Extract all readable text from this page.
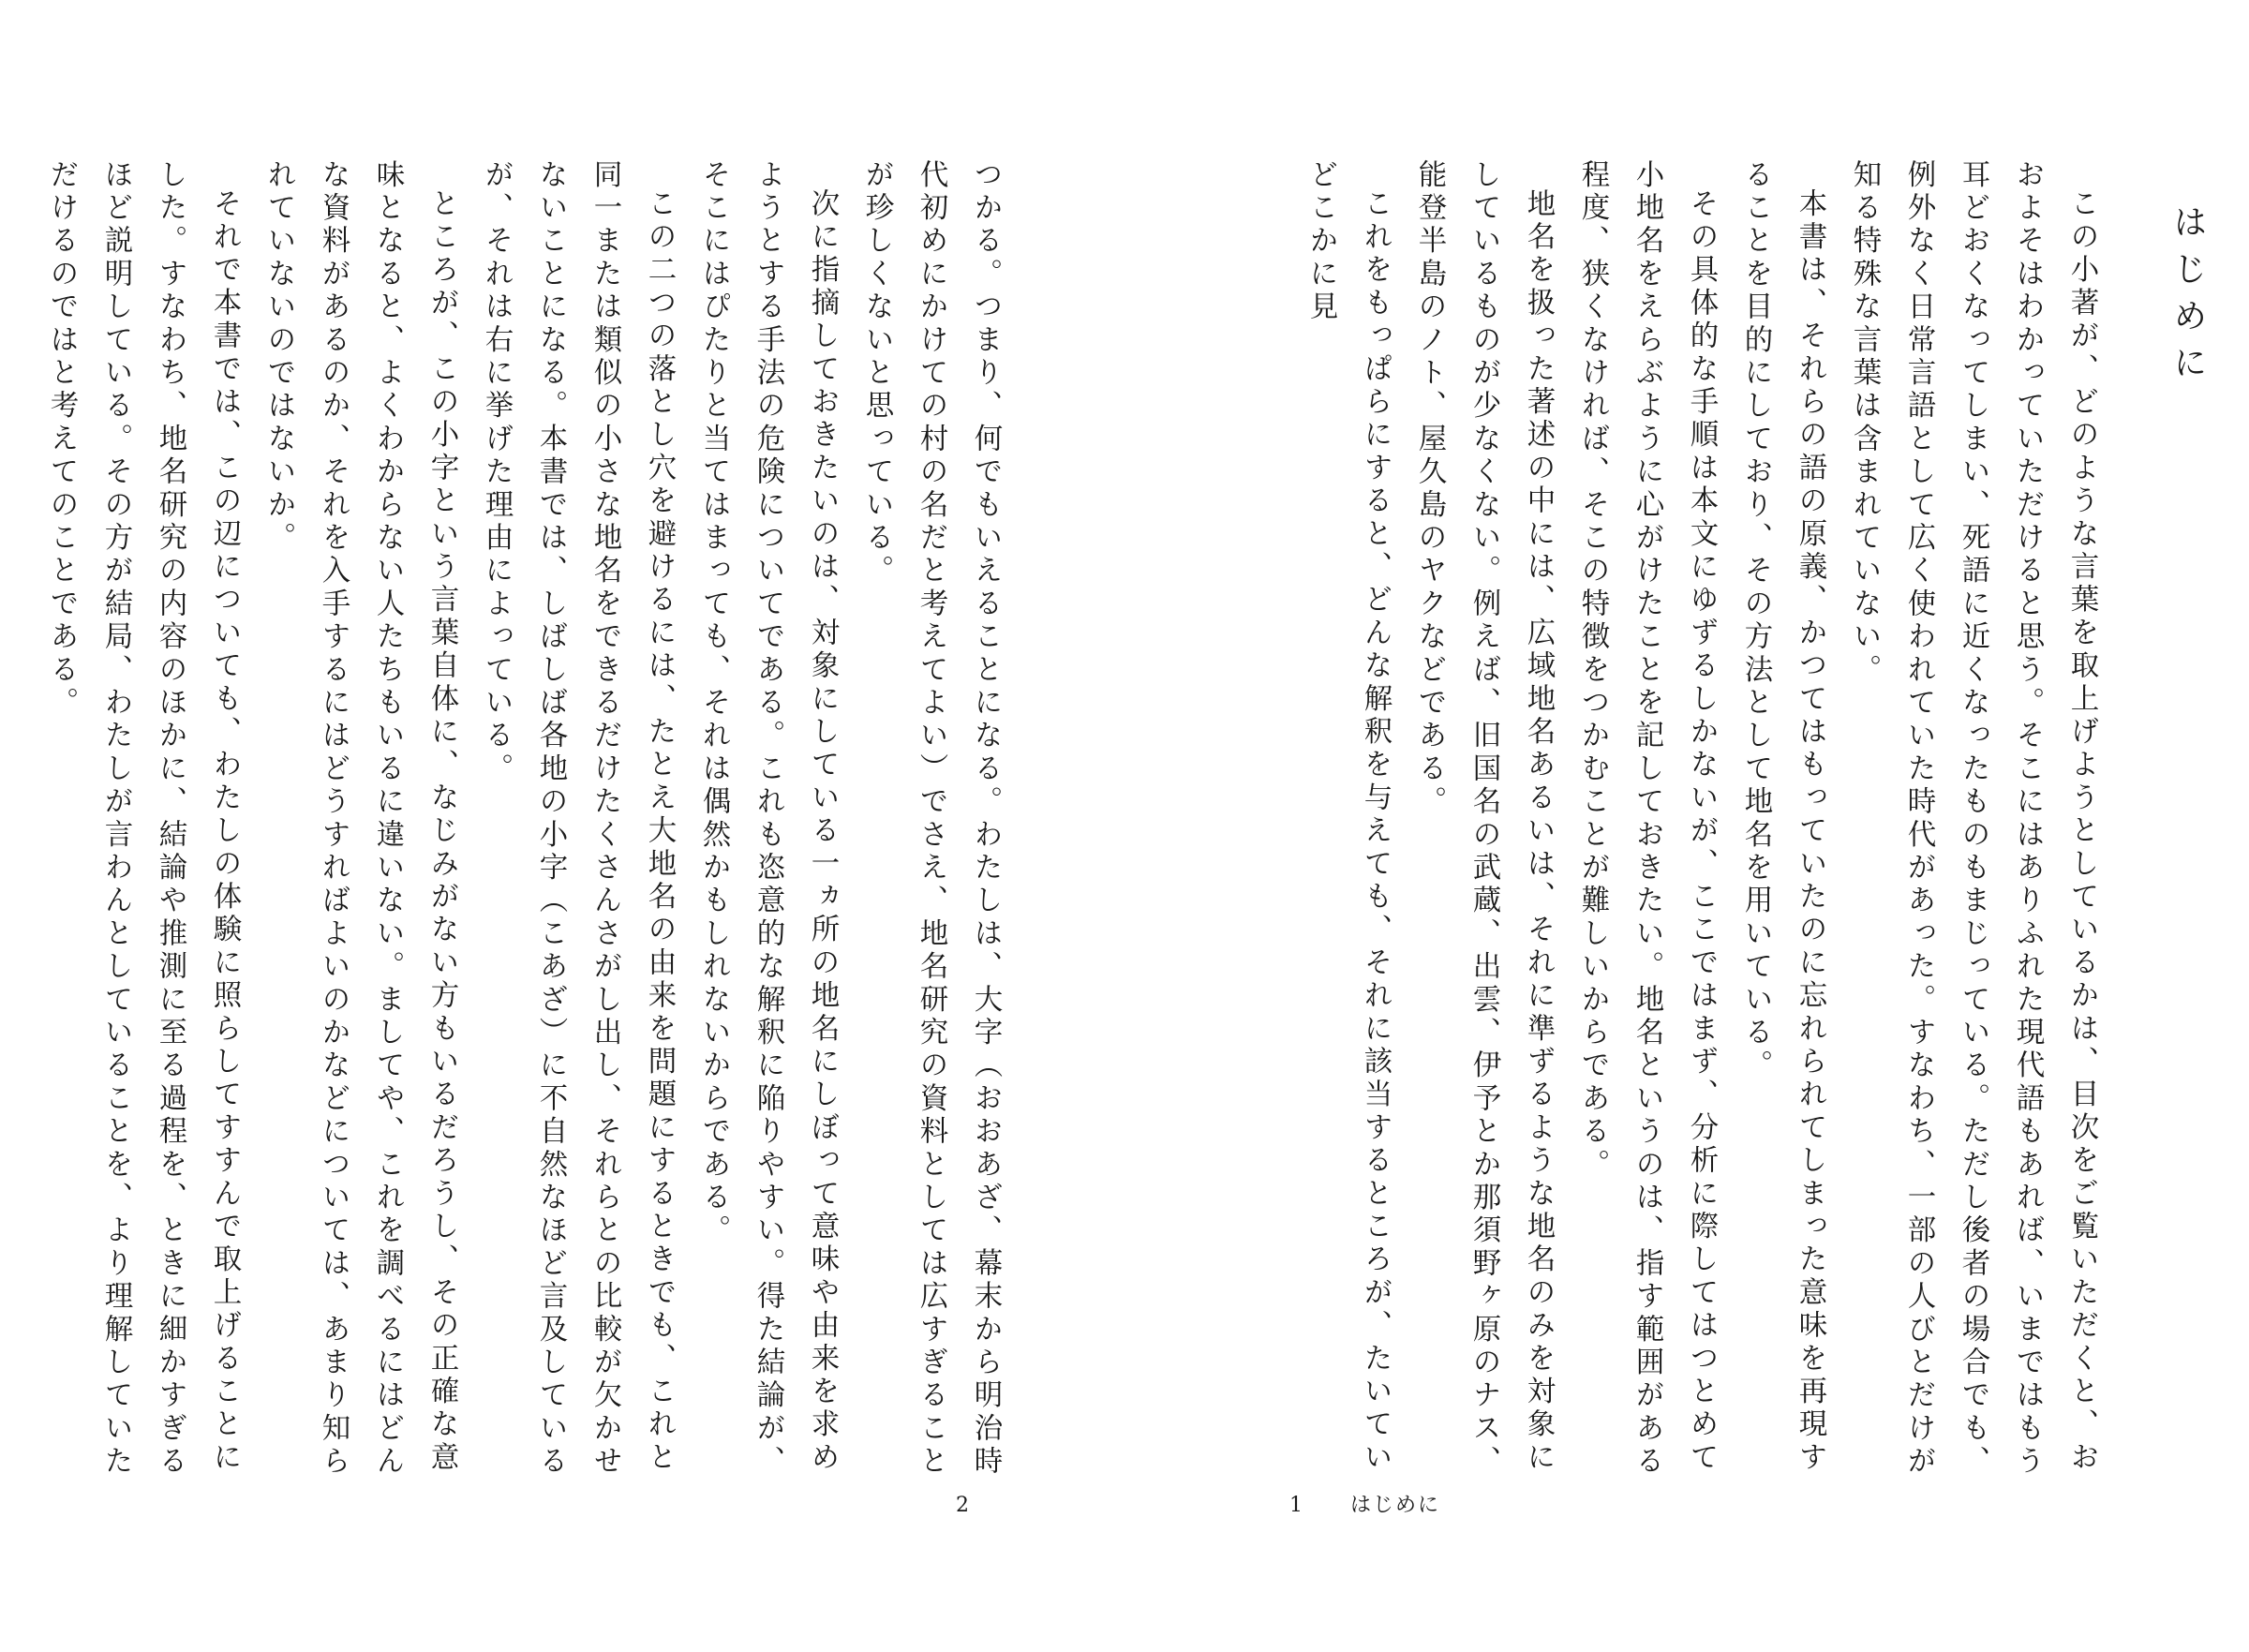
つかる。つまり、何でもいえることになる。わたしは、大字（おおあざ、幕末から明治時代初めにかけての村の名だと考えてよい）でさえ、地名研究の資料としては広すぎることが珍しくないと思っている。

次に指摘しておきたいのは、対象にしている一ヵ所の地名にしぼって意味や由来を求めようとする手法の危険についてである。これも恣意的な解釈に陥りやすい。得た結論が、そこにはぴたりと当てはまっても、それは偶然かもしれないからである。

この二つの落とし穴を避けるには、たとえ大地名の由来を問題にするときでも、これと同一または類似の小さな地名をできるだけたくさんさがし出し、それらとの比較が欠かせないことになる。本書では、しばしば各地の小字（こあざ）に不自然なほど言及しているが、それは右に挙げた理由によっている。

ところが、この小字という言葉自体に、なじみがない方もいるだろうし、その正確な意味となると、よくわからない人たちもいるに違いない。ましてや、これを調べるにはどんな資料があるのか、それを入手するにはどうすればよいのかなどについては、あまり知られていないのではないか。

それで本書では、この辺についても、わたしの体験に照らしてすすんで取上げることにした。すなわち、地名研究の内容のほかに、結論や推測に至る過程を、ときに細かすぎるほど説明している。その方が結局、わたしが言わんとしていることを、より理解していただけるのではと考えてのことである。

2
はじめに

この小著が、どのような言葉を取上げようとしているかは、目次をご覧いただくと、おおよそはわかっていただけると思う。そこにはありふれた現代語もあれば、いまではもう耳どおくなってしまい、死語に近くなったものもまじっている。ただし後者の場合でも、例外なく日常言語として広く使われていた時代があった。すなわち、一部の人びとだけが知る特殊な言葉は含まれていない。

本書は、それらの語の原義、かつてはもっていたのに忘れられてしまった意味を再現することを目的にしており、その方法として地名を用いている。

その具体的な手順は本文にゆずるしかないが、ここではまず、分析に際してはつとめて小地名をえらぶように心がけたことを記しておきたい。地名というのは、指す範囲がある程度、狭くなければ、そこの特徴をつかむことが難しいからである。

地名を扱った著述の中には、広域地名あるいは、それに準ずるような地名のみを対象にしているものが少なくない。例えば、旧国名の武蔵、出雲、伊予とか那須野ヶ原のナス、能登半島のノト、屋久島のヤクなどである。

これをもっぱらにすると、どんな解釈を与えても、それに該当するところが、たいていどこかに見

1 はじめに
